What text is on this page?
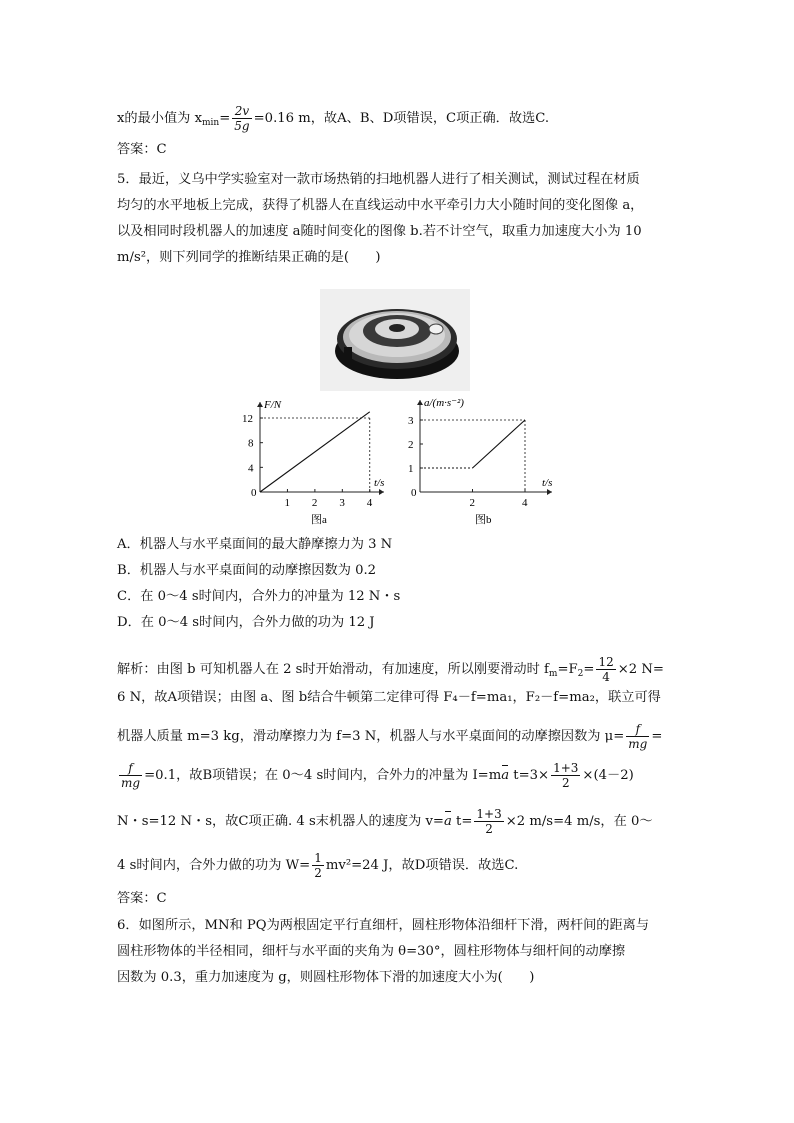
x的最小值为 $x_{min}= \frac{2v}{5g} =0.16$ m，故A、B、D项错误，C项正确．故选C.
答案：C
5．最近，义乌中学实验室对一款市场热销的扫地机器人进行了相关测试，测试过程在材质
均匀的水平地板上完成，获得了机器人在直线运动中水平牵引力大小随时间的变化图像 a，
以及相同时段机器人的加速度 a随时间变化的图像 b.若不计空气，取重力加速度大小为 10
m/s²，则下列同学的推断结果正确的是(　　)
F/N
t/s
0
1 2 3 4
4
8
12
图a
a/(m·s⁻²)
t/s
0
2	4
1
2
3
图b
A．机器人与水平桌面间的最大静摩擦力为 3 N
B．机器人与水平桌面间的动摩擦因数为 0.2
C．在 0～4 s时间内，合外力的冲量为 12 N・s
D．在 0～4 s时间内，合外力做的功为 12 J
解析：由图 b 可知机器人在 2 s时开始滑动，有加速度，所以刚要滑动时 $f_m=F_2= \frac{12}{4} \times 2$ N=
6 N，故A项错误；由图 a、图 b结合牛顿第二定律可得 F₄－f=ma₁，F₂－f=ma₂，联立可得
机器人质量 m=3 kg，滑动摩擦力为 f=3 N，机器人与水平桌面间的动摩擦因数为 $\mu= \frac{f}{mg}$ =
$\frac{f}{mg} =0.1$，故B项错误；在 0～4 s时间内，合外力的冲量为 I=ma $t=3\times \frac{1+3}{2} \times(4-2)$
N・s=12 N・s，故C项正确. 4 s末机器人的速度为 v=a $t= \frac{1+3}{2} \times 2$ m/s=4 m/s，在 0～
4 s时间内，合外力做的功为 $W= \frac{1}{2} mv^2=24$ J，故D项错误．故选C.
答案：C
6．如图所示，MN和 PQ为两根固定平行直细杆，圆柱形物体沿细杆下滑，两杆间的距离与
圆柱形物体的半径相同，细杆与水平面的夹角为 θ=30°，圆柱形物体与细杆间的动摩擦
因数为 0.3，重力加速度为 g，则圆柱形物体下滑的加速度大小为(　　)
